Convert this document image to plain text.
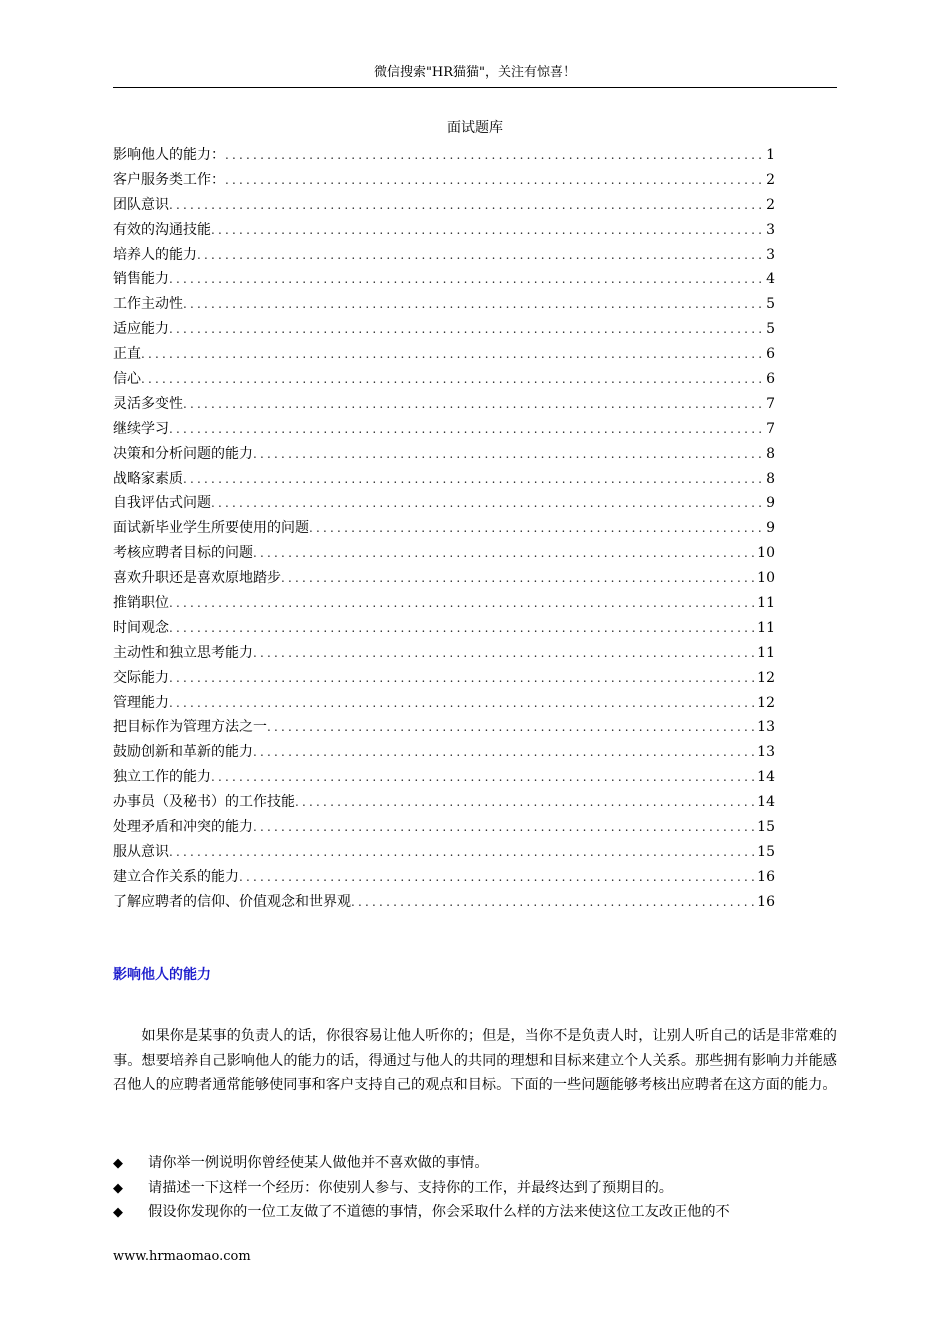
微信搜索"HR猫猫"，关注有惊喜！
面试题库
影响他人的能力： .....	1
客户服务类工作： .....	2
团队意识 .....	2
有效的沟通技能 .....	3
培养人的能力 .....	3
销售能力 .....	4
工作主动性 .....	5
适应能力 .....	5
正直 .....	6
信心 .....	6
灵活多变性 .....	7
继续学习 .....	7
决策和分析问题的能力 .....	8
战略家素质 .....	8
自我评估式问题 .....	9
面试新毕业学生所要使用的问题 .....	9
考核应聘者目标的问题 .....	10
喜欢升职还是喜欢原地踏步 .....	10
推销职位 .....	11
时间观念 .....	11
主动性和独立思考能力 .....	11
交际能力 .....	12
管理能力 .....	12
把目标作为管理方法之一 .....	13
鼓励创新和革新的能力 .....	13
独立工作的能力 .....	14
办事员（及秘书）的工作技能 .....	14
处理矛盾和冲突的能力 .....	15
服从意识 .....	15
建立合作关系的能力 .....	16
了解应聘者的信仰、价值观念和世界观 .....	16
影响他人的能力

如果你是某事的负责人的话，你很容易让他人听你的；但是，当你不是负责人时，让别人听自己的话是非常难的事。想要培养自己影响他人的能力的话，得通过与他人的共同的理想和目标来建立个人关系。那些拥有影响力并能感召他人的应聘者通常能够使同事和客户支持自己的观点和目标。下面的一些问题能够考核出应聘者在这方面的能力。

◆	请你举一例说明你曾经使某人做他并不喜欢做的事情。
◆	请描述一下这样一个经历：你使别人参与、支持你的工作，并最终达到了预期目的。
◆	假设你发现你的一位工友做了不道德的事情，你会采取什么样的方法来使这位工友改正他的不
www.hrmaomao.com
